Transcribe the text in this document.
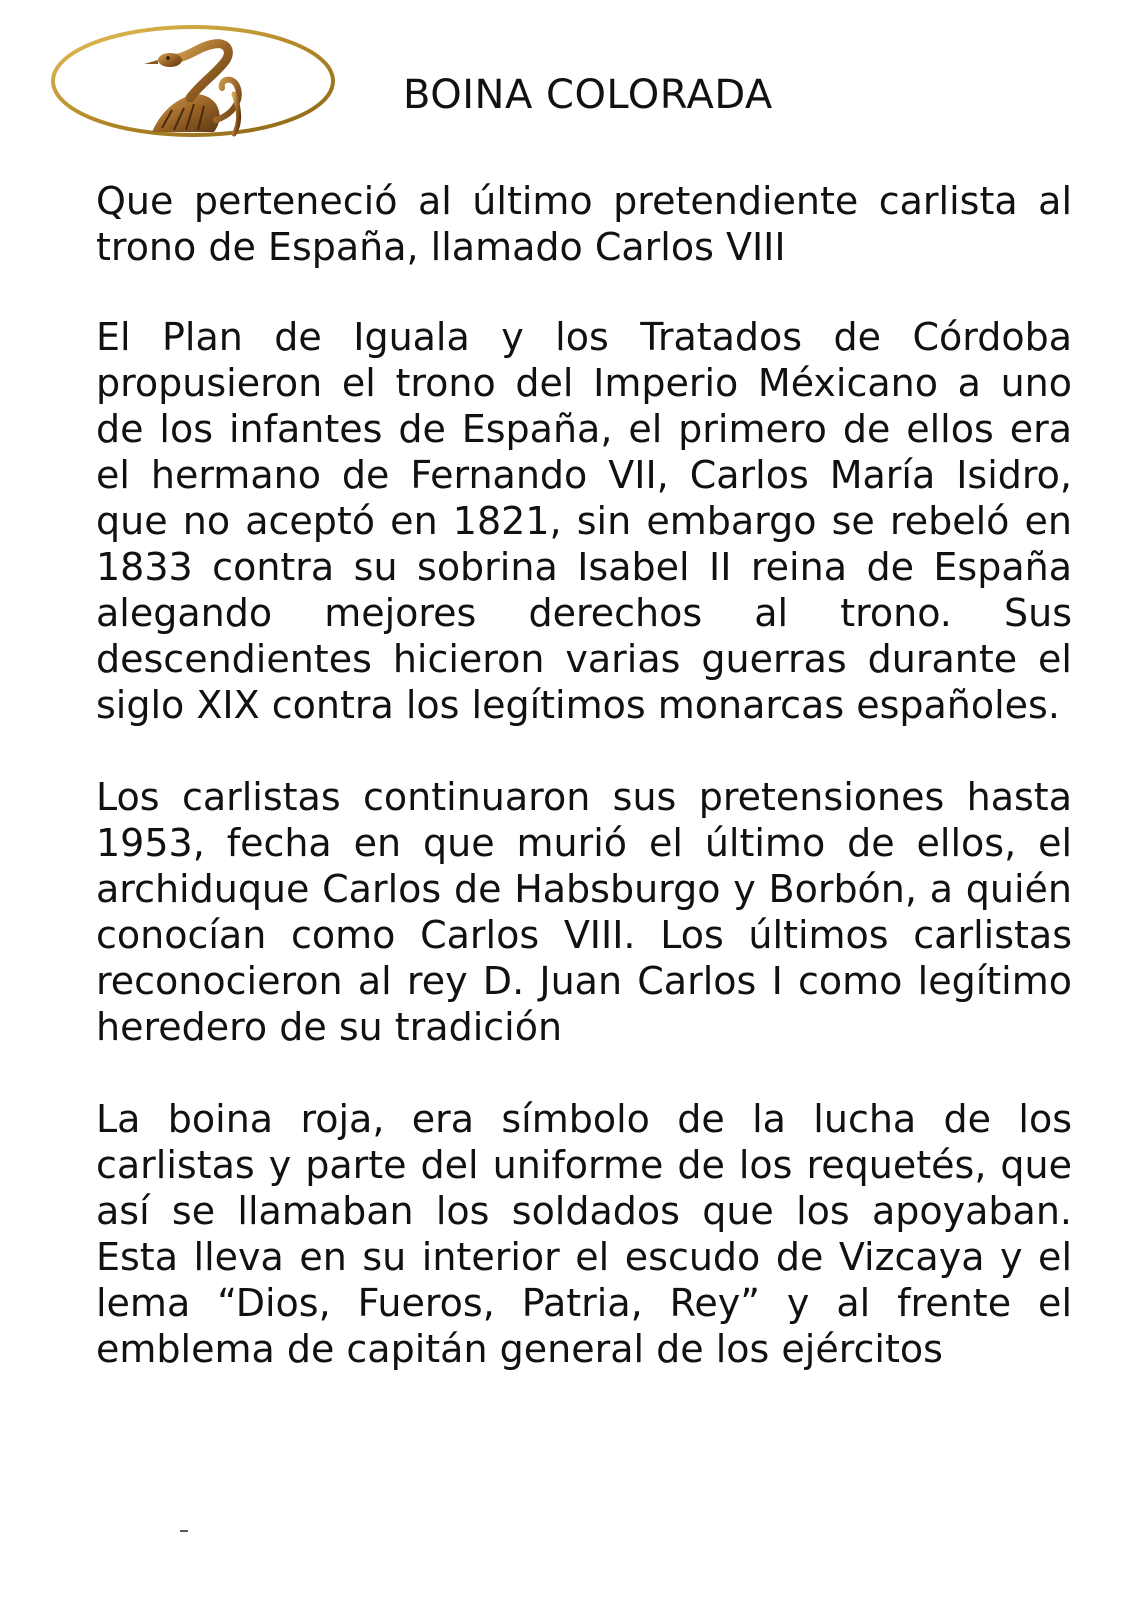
BOINA COLORADA

Que perteneció al último pretendiente carlista al trono de España, llamado Carlos VIII

El Plan de Iguala y los Tratados de Córdoba propusieron el trono del Imperio Méxicano a uno de los infantes de España, el primero de ellos era el hermano de Fernando VII, Carlos María Isidro, que no aceptó en 1821, sin embargo se rebeló en 1833 contra su sobrina Isabel II reina de España alegando mejores derechos al trono. Sus descendientes hicieron varias guerras durante el siglo XIX contra los legítimos monarcas españoles.

Los carlistas continuaron sus pretensiones hasta 1953, fecha en que murió el último de ellos, el archiduque Carlos de Habsburgo y Borbón, a quién conocían como Carlos VIII. Los últimos carlistas reconocieron al rey D. Juan Carlos I como legítimo heredero de su tradición

La boina roja, era símbolo de la lucha de los carlistas y parte del uniforme de los requetés, que así se llamaban los soldados que los apoyaban. Esta lleva en su interior el escudo de Vizcaya y el lema “Dios, Fueros, Patria, Rey” y al frente el emblema de capitán general de los ejércitos
